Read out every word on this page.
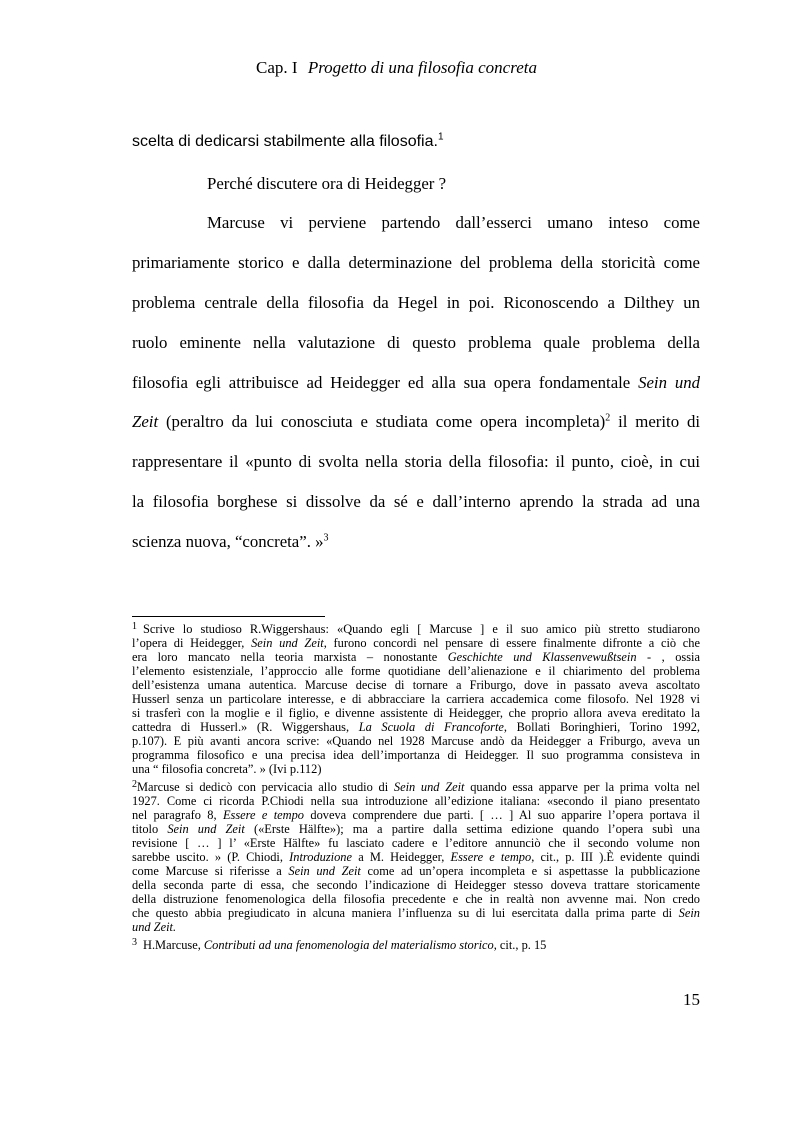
Cap. I Progetto di una filosofia concreta
scelta di dedicarsi stabilmente alla filosofia.$^1$
Perché discutere ora di Heidegger ?
Marcuse vi perviene partendo dall’esserci umano inteso come
primariamente storico e dalla determinazione del problema della storicità come
problema centrale della filosofia da Hegel in poi. Riconoscendo a Dilthey un
ruolo eminente nella valutazione di questo problema quale problema della
filosofia egli attribuisce ad Heidegger ed alla sua opera fondamentale Sein und
Zeit (peraltro da lui conosciuta e studiata come opera incompleta)$^2$ il merito di
rappresentare il «punto di svolta nella storia della filosofia: il punto, cioè, in cui
la filosofia borghese si dissolve da sé e dall’interno aprendo la strada ad una
scienza nuova, “concreta”. »$^3$
$^1$ Scrive lo studioso R.Wiggershaus: «Quando egli [ Marcuse ] e il suo amico più stretto studiarono
l’opera di Heidegger, Sein und Zeit, furono concordi nel pensare di essere finalmente difronte a ciò che
era loro mancato nella teoria marxista – nonostante Geschichte und Klassenvewußtsein - , ossia
l’elemento esistenziale, l’approccio alle forme quotidiane dell’alienazione e il chiarimento del problema
dell’esistenza umana autentica. Marcuse decise di tornare a Friburgo, dove in passato aveva ascoltato
Husserl senza un particolare interesse, e di abbracciare la carriera accademica come filosofo. Nel 1928 vi
si trasferì con la moglie e il figlio, e divenne assistente di Heidegger, che proprio allora aveva ereditato la
cattedra di Husserl.» (R. Wiggershaus, La Scuola di Francoforte, Bollati Boringhieri, Torino 1992,
p.107). E più avanti ancora scrive: «Quando nel 1928 Marcuse andò da Heidegger a Friburgo, aveva un
programma filosofico e una precisa idea dell’importanza di Heidegger. Il suo programma consisteva in
una “ filosofia concreta”. » (Ivi p.112)
$^2$Marcuse si dedicò con pervicacia allo studio di Sein und Zeit quando essa apparve per la prima volta nel
1927. Come ci ricorda P.Chiodi nella sua introduzione all’edizione italiana: «secondo il piano presentato
nel paragrafo 8, Essere e tempo doveva comprendere due parti. [ … ] Al suo apparire l’opera portava il
titolo Sein und Zeit («Erste Hälfte»); ma a partire dalla settima edizione quando l’opera subì una
revisione [ … ] l’ «Erste Hälfte» fu lasciato cadere e l’editore annunciò che il secondo volume non
sarebbe uscito. » (P. Chiodi, Introduzione a M. Heidegger, Essere e tempo, cit., p. III ).È evidente quindi
come Marcuse si riferisse a Sein und Zeit come ad un’opera incompleta e si aspettasse la pubblicazione
della seconda parte di essa, che secondo l’indicazione di Heidegger stesso doveva trattare storicamente
della distruzione fenomenologica della filosofia precedente e che in realtà non avvenne mai. Non credo
che questo abbia pregiudicato in alcuna maniera l’influenza su di lui esercitata dalla prima parte di Sein
und Zeit.
$^3$ H.Marcuse, Contributi ad una fenomenologia del materialismo storico, cit., p. 15
15
